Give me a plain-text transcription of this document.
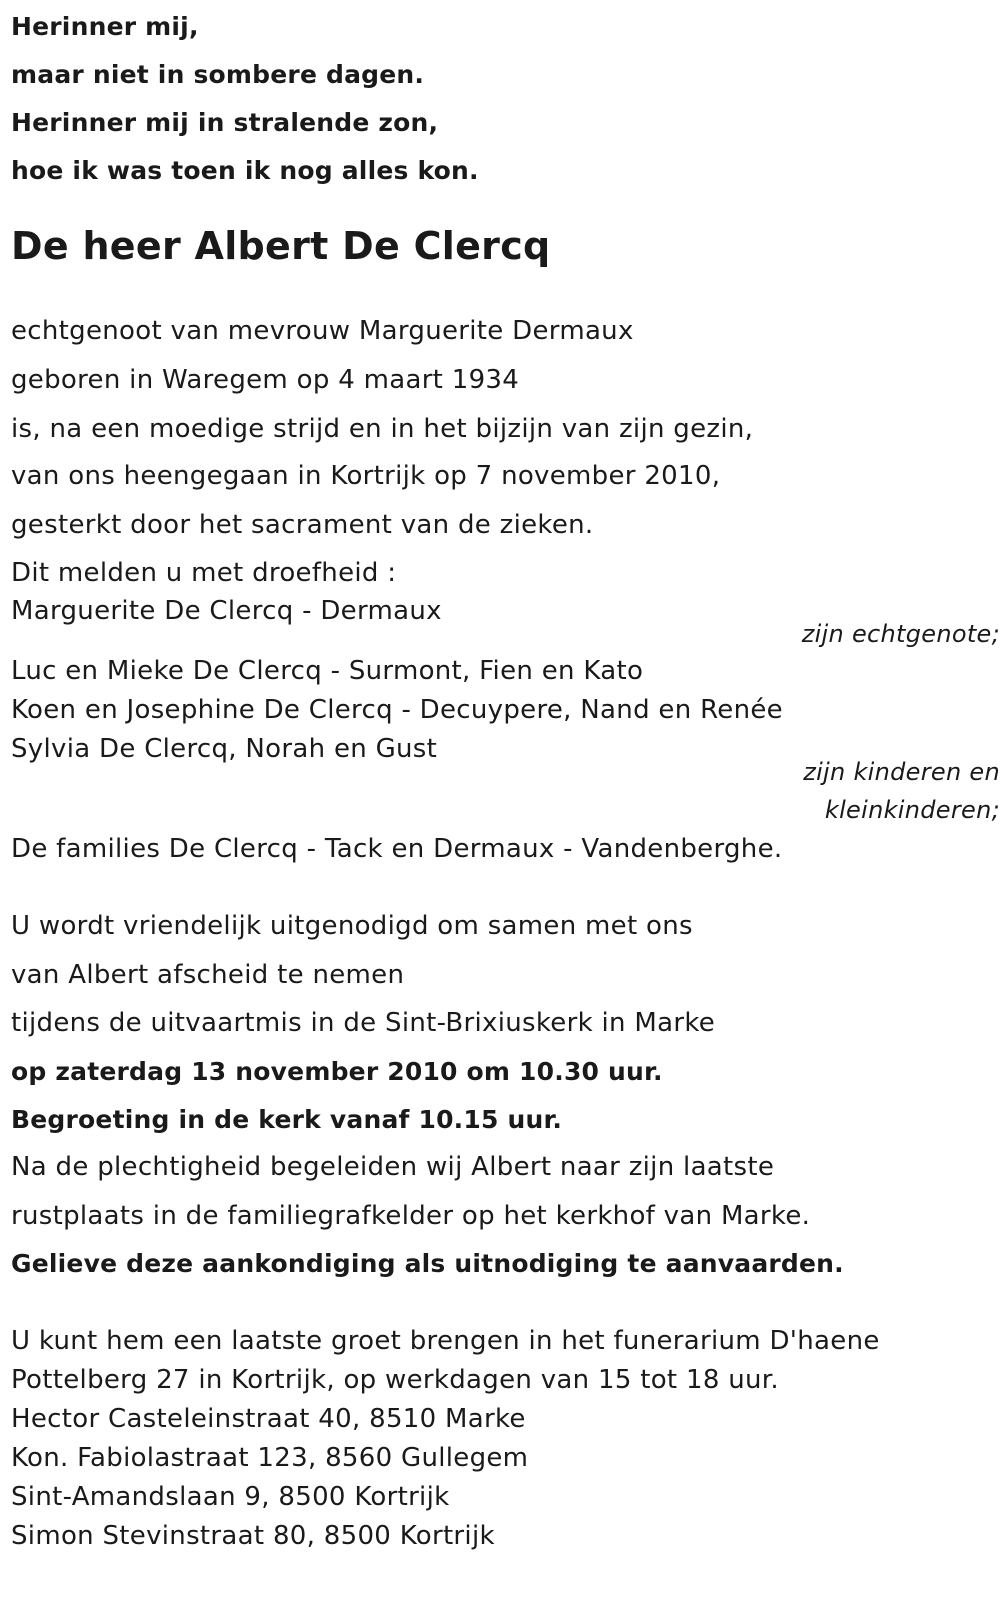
Herinner mij,
maar niet in sombere dagen.
Herinner mij in stralende zon,
hoe ik was toen ik nog alles kon.
De heer Albert De Clercq
echtgenoot van mevrouw Marguerite Dermaux
geboren in Waregem op 4 maart 1934
is, na een moedige strijd en in het bijzijn van zijn gezin,
van ons heengegaan in Kortrijk op 7 november 2010,
gesterkt door het sacrament van de zieken.
Dit melden u met droefheid :
Marguerite De Clercq - Dermaux
zijn echtgenote;
Luc en Mieke De Clercq - Surmont, Fien en Kato
Koen en Josephine De Clercq - Decuypere, Nand en Renée
Sylvia De Clercq, Norah en Gust
zijn kinderen en
kleinkinderen;
De families De Clercq - Tack en Dermaux - Vandenberghe.
U wordt vriendelijk uitgenodigd om samen met ons
van Albert afscheid te nemen
tijdens de uitvaartmis in de Sint-Brixiuskerk in Marke
op zaterdag 13 november 2010 om 10.30 uur.
Begroeting in de kerk vanaf 10.15 uur.
Na de plechtigheid begeleiden wij Albert naar zijn laatste
rustplaats in de familiegrafkelder op het kerkhof van Marke.
Gelieve deze aankondiging als uitnodiging te aanvaarden.
U kunt hem een laatste groet brengen in het funerarium D'haene
Pottelberg 27 in Kortrijk, op werkdagen van 15 tot 18 uur.
Hector Casteleinstraat 40, 8510 Marke
Kon. Fabiolastraat 123, 8560 Gullegem
Sint-Amandslaan 9, 8500 Kortrijk
Simon Stevinstraat 80, 8500 Kortrijk
